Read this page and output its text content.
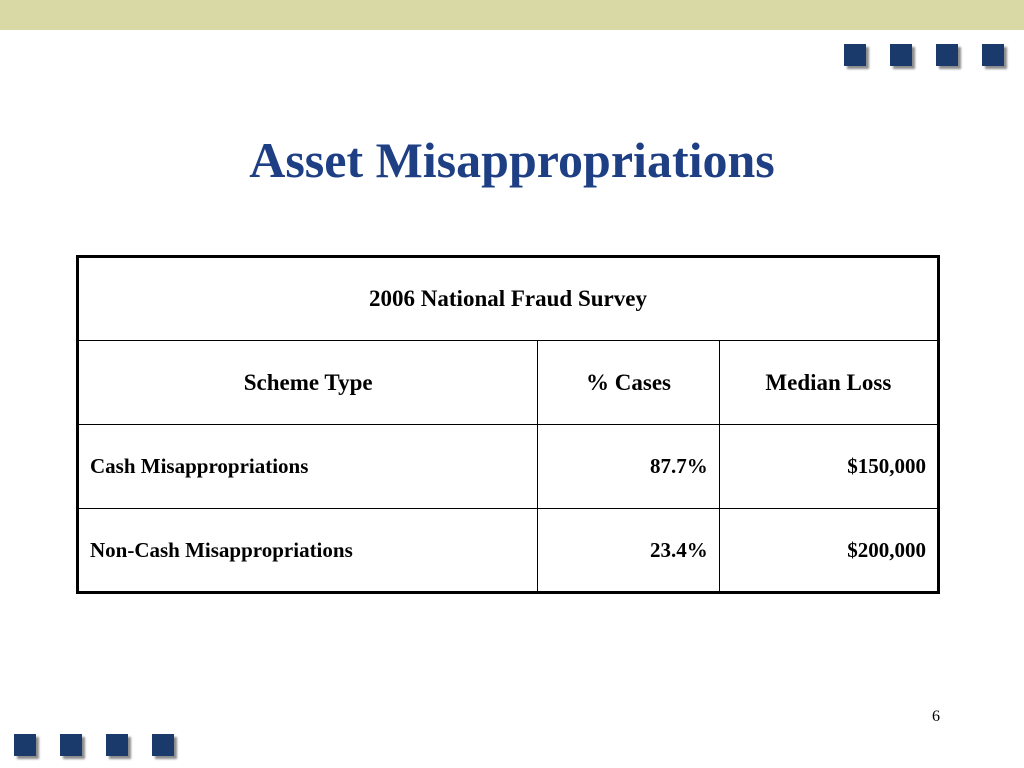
Asset Misappropriations
2006 National Fraud Survey		
Scheme Type	% Cases	Median Loss
Cash Misappropriations	87.7%	$150,000
Non-Cash Misappropriations	23.4%	$200,000
6
